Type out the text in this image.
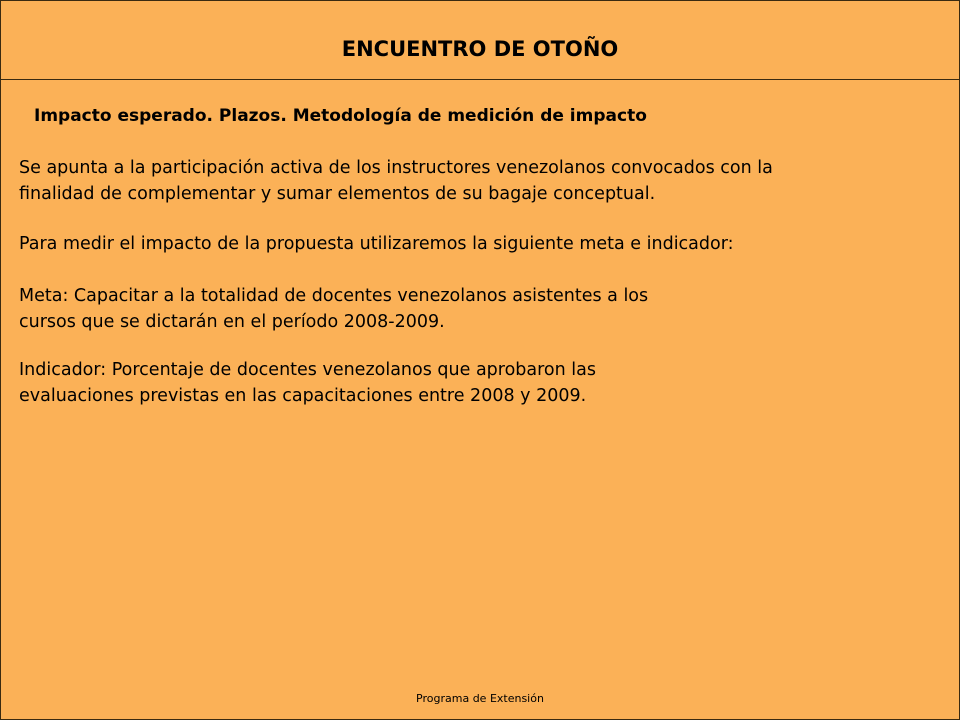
ENCUENTRO DE OTOÑO
Impacto esperado. Plazos. Metodología de medición de impacto
Se apunta a la participación activa de los instructores venezolanos convocados con la
finalidad de complementar y sumar elementos de su bagaje conceptual.
Para medir el impacto de la propuesta utilizaremos la siguiente meta e indicador:
Meta: Capacitar a la totalidad de docentes venezolanos asistentes a los
cursos que se dictarán en el período 2008-2009.
Indicador: Porcentaje de docentes venezolanos que aprobaron las
evaluaciones previstas en las capacitaciones entre 2008 y 2009.
Programa de Extensión
